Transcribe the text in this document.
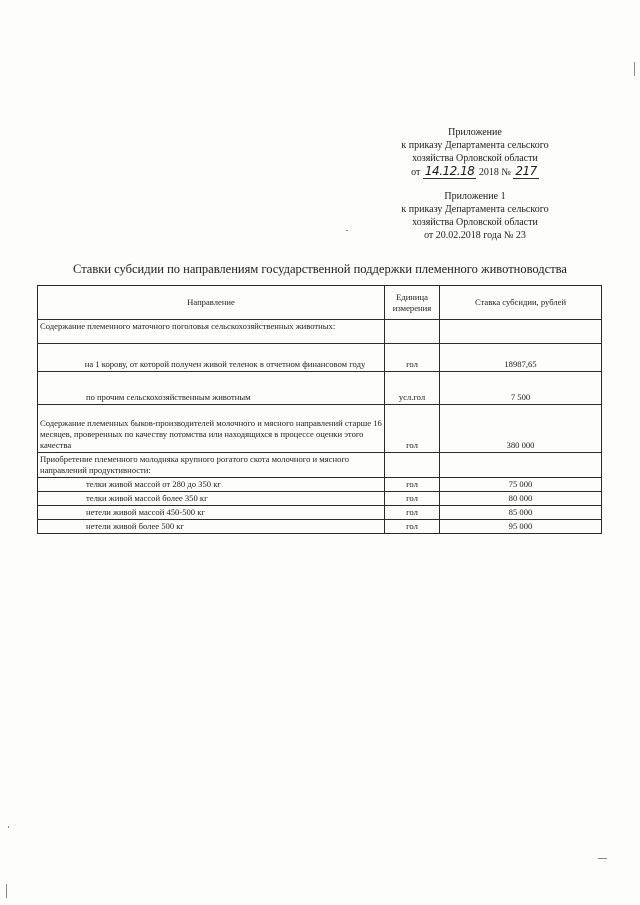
Приложение
к приказу Департамента сельского
хозяйства Орловской области
от 14.12.18 2018 № 217
Приложение 1
к приказу Департамента сельского
хозяйства Орловской области
от 20.02.2018 года № 23
Ставки субсидии по направлениям государственной поддержки племенного животноводства
Направление	Единица измерения	Ставка субсидии, рублей
Содержание племенного маточного поголовья сельскохозяйственных животных:		
на 1 корову, от которой получен живой теленок в отчетном финансовом году	гол	18987,65
по прочим сельскохозяйственным животным	усл.гол	7 500
Содержание племенных быков-производителей молочного и мясного направлений старше 16 месяцев, проверенных по качеству потомства или находящихся в процессе оценки этого качества	гол	380 000
Приобретение племенного молодняка крупного рогатого скота молочного и мясного направлений продуктивности:		
телки живой массой от 280 до 350 кг	гол	75 000
телки живой массой более 350 кг	гол	80 000
нетели живой массой 450-500 кг	гол	85 000
нетели живой более 500 кг	гол	95 000
